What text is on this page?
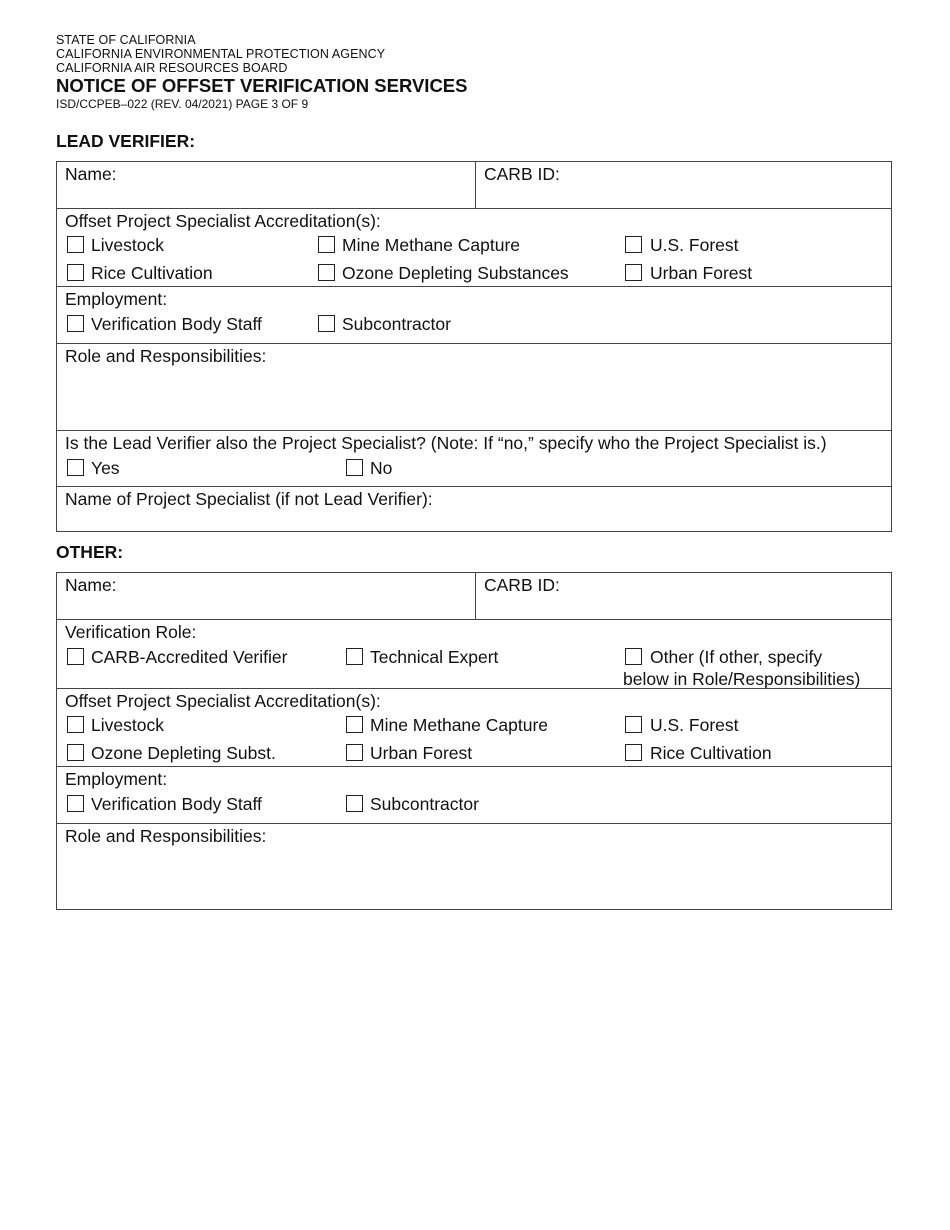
STATE OF CALIFORNIA
CALIFORNIA ENVIRONMENTAL PROTECTION AGENCY
CALIFORNIA AIR RESOURCES BOARD
NOTICE OF OFFSET VERIFICATION SERVICES
ISD/CCPEB–022 (REV. 04/2021) PAGE 3 OF 9
LEAD VERIFIER:
Name:	CARB ID:
Offset Project Specialist Accreditation(s):
Livestock	Mine Methane Capture	U.S. Forest
Rice Cultivation	Ozone Depleting Substances	Urban Forest
Employment:
Verification Body Staff	Subcontractor
Role and Responsibilities:
Is the Lead Verifier also the Project Specialist? (Note: If “no,” specify who the Project Specialist is.)
Yes	No
Name of Project Specialist (if not Lead Verifier):
OTHER:
Name:	CARB ID:
Verification Role:
CARB-Accredited Verifier	Technical Expert	Other (If other, specify
below in Role/Responsibilities)
Offset Project Specialist Accreditation(s):
Livestock	Mine Methane Capture	U.S. Forest
Ozone Depleting Subst.	Urban Forest	Rice Cultivation
Employment:
Verification Body Staff	Subcontractor
Role and Responsibilities:
